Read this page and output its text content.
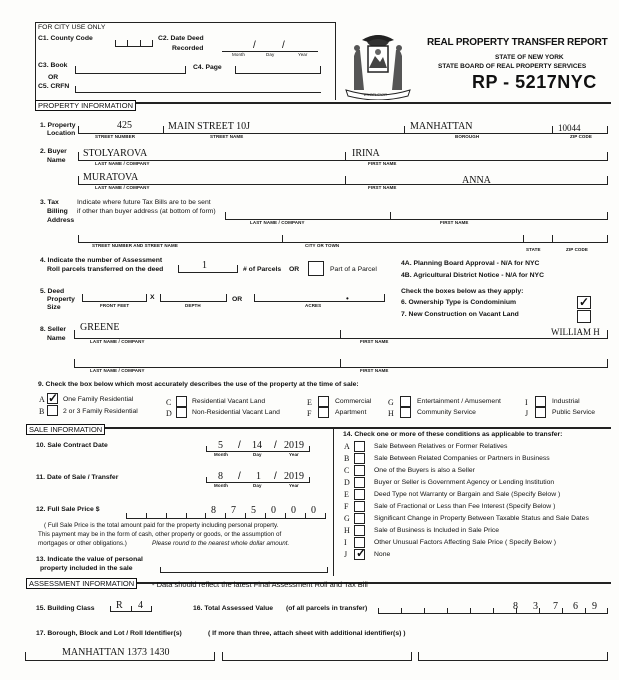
FOR CITY USE ONLY
C1. County Code	C2. Date Deed
Recorded
Month	Day	Year
/	/
C3. Book	C4. Page
OR
C5. CRFN
EXCELSIOR
REAL PROPERTY TRANSFER REPORT
STATE OF NEW YORK
STATE BOARD OF REAL PROPERTY SERVICES
RP - 5217NYC
PROPERTY INFORMATION
1. Property
Location
425	MAIN STREET 10J	MANHATTAN	10044
STREET NUMBER	STREET NAME	BOROUGH	ZIP CODE
2. Buyer
Name
STOLYAROVA	IRINA
LAST NAME / COMPANY	FIRST NAME
MURATOVA	ANNA
LAST NAME / COMPANY	FIRST NAME
3. Tax
Billing
Address
Indicate where future Tax Bills are to be sent
if other than buyer address (at bottom of form)
LAST NAME / COMPANY	FIRST NAME
STREET NUMBER AND STREET NAME	CITY OR TOWN
STATE	ZIP CODE
4. Indicate the number of Assessment
Roll parcels transferred on the deed	1	# of Parcels OR	Part of a Parcel
4A. Planning Board Approval - N/A for NYC
4B. Agricultural District Notice - N/A for NYC
5. Deed
Property
Size
X	OR	•
FRONT FEET	DEPTH	ACRES
Check the boxes below as they apply:
6. Ownership Type is Condominium
7. New Construction on Vacant Land
✓
8. Seller
Name
GREENE	WILLIAM H
LAST NAME / COMPANY	FIRST NAME
LAST NAME / COMPANY	FIRST NAME
9. Check the box below which most accurately describes the use of the property at the time of sale:
A ✓ One Family Residential
B	2 or 3 Family Residential
C	Residential Vacant Land
D	Non-Residential Vacant Land
E	Commercial
F	Apartment
G	Entertainment / Amusement
H	Community Service
I	Industrial
J	Public Service
SALE INFORMATION
10. Sale Contract Date	5 / 14 / 2019
Month	Day	Year
11. Date of Sale / Transfer	8 / 1 / 2019
Month	Day	Year
12. Full Sale Price $	8 7 5 0 0 0
( Full Sale Price is the total amount paid for the property including personal property.
This payment may be in the form of cash, other property or goods, or the assumption of
mortgages or other obligations.)	Please round to the nearest whole dollar amount.
13. Indicate the value of personal
property included in the sale
14. Check one or more of these conditions as applicable to transfer:
A	Sale Between Relatives or Former Relatives
B	Sale Between Related Companies or Partners in Business
C	One of the Buyers is also a Seller
D	Buyer or Seller is Government Agency or Lending Institution
E	Deed Type not Warranty or Bargain and Sale (Specify Below )
F	Sale of Fractional or Less than Fee Interest (Specify Below )
G	Significant Change in Property Between Taxable Status and Sale Dates
H	Sale of Business is Included in Sale Price
I	Other Unusual Factors Affecting Sale Price ( Specify Below )
J ✓ None
ASSESSMENT INFORMATION	- Data should reflect the latest Final Assessment Roll and Tax Bill
15. Building Class R 4	16. Total Assessed Value (of all parcels in transfer)	8 3 7 6 9
17. Borough, Block and Lot / Roll Identifier(s)	( If more than three, attach sheet with additional identifier(s) )
MANHATTAN 1373 1430
